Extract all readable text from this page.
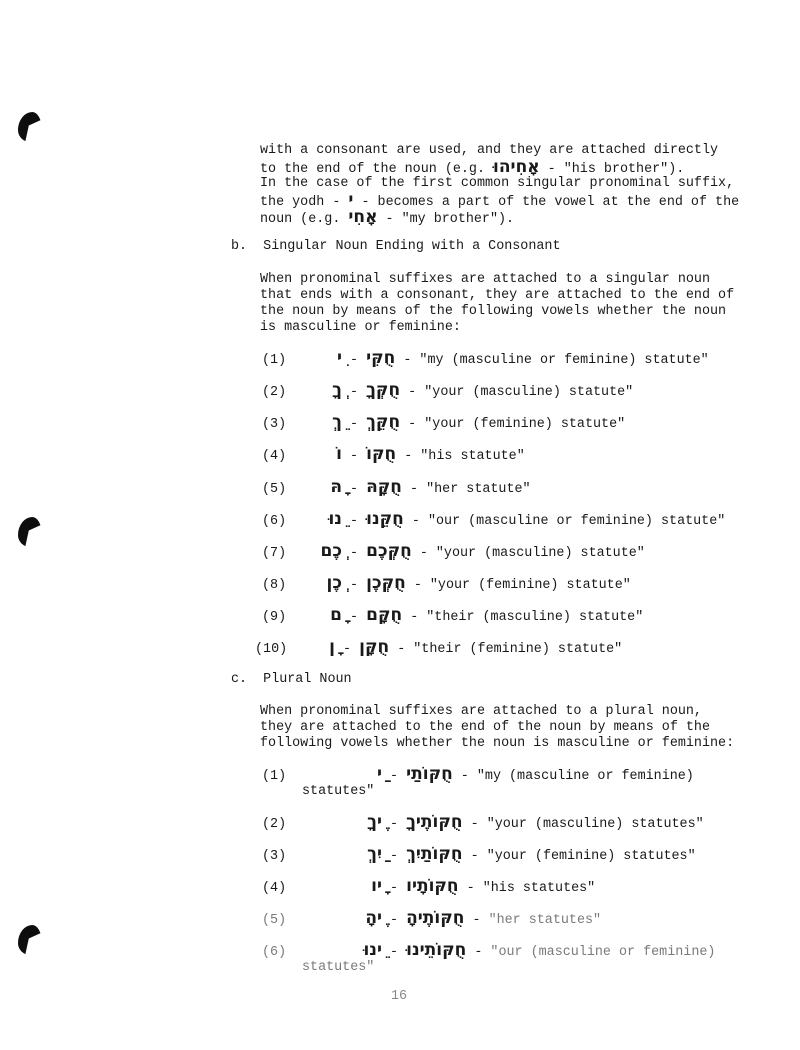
with a consonant are used, and they are attached directly
to the end of the noun (e.g. אָחִיהוּ - "his brother").
In the case of the first common singular pronominal suffix,
the yodh - י - becomes a part of the vowel at the end of the
noun (e.g. אָחִי - "my brother").
b. Singular Noun Ending with a Consonant
When pronominal suffixes are attached to a singular noun
that ends with a consonant, they are attached to the end of
the noun by means of the following vowels whether the noun
is masculine or feminine:
(1)	ִי - חֻקִּי - "my (masculine or feminine) statute"
(2)	ְךָ - חֻקְּךָ - "your (masculine) statute"
(3)	ֵךְ - חֻקֵּךְ - "your (feminine) statute"
(4)	וֹ - חֻקּוֹ - "his statute"
(5)	ָהּ - חֻקָּהּ - "her statute"
(6) ֵנוּ - חֻקֵּנוּ - "our (masculine or feminine) statute"
(7) ְכֶם - חֻקְּכֶם - "your (masculine) statute"
(8) ְכֶן - חֻקְּכֶן - "your (feminine) statute"
(9)	ָם - חֻקָּם - "their (masculine) statute"
(10) ָן - חֻקָּן - "their (feminine) statute"
c. Plural Noun
When pronominal suffixes are attached to a plural noun,
they are attached to the end of the noun by means of the
following vowels whether the noun is masculine or feminine:
(1)	ַי - חֻקּוֹתַי - "my (masculine or feminine)
statutes"
(2)	ֶיךָ - חֻקּוֹתֶיךָ - "your (masculine) statutes"
(3)	ַיִךְ - חֻקּוֹתַיִךְ - "your (feminine) statutes"
(4)	ָיו - חֻקּוֹתָיו - "his statutes"
(5)	ֶיהָ - חֻקּוֹתֶיהָ - "her statutes"
(6)	ֵינוּ - חֻקּוֹתֵינוּ - "our (masculine or feminine)
statutes"
16
